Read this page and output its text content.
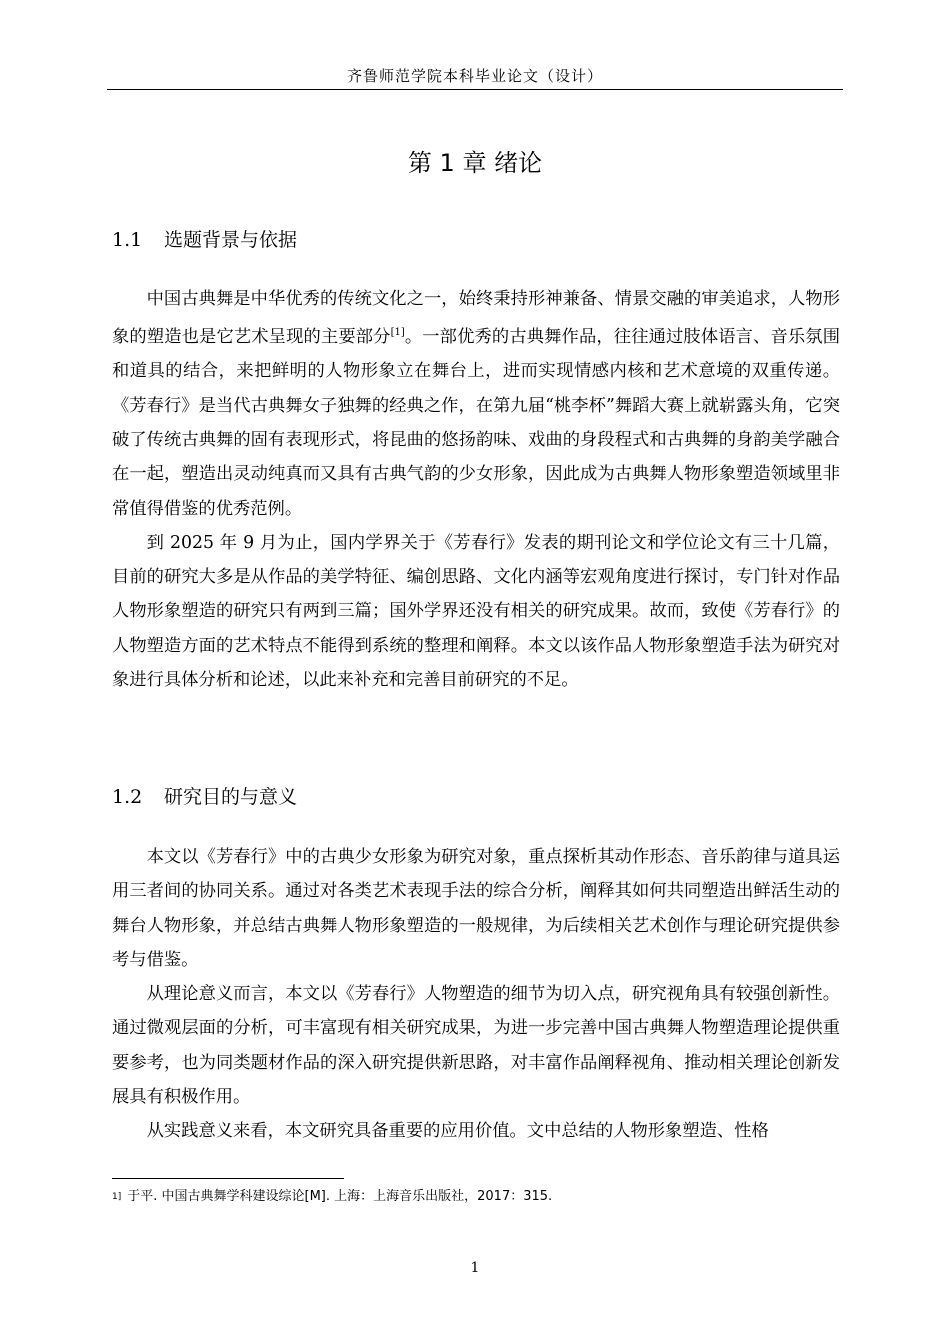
齐鲁师范学院本科毕业论文（设计）
第 1 章 绪论
1.1 选题背景与依据

中国古典舞是中华优秀的传统文化之一，始终秉持形神兼备、情景交融的审美追求，人物形象的塑造也是它艺术呈现的主要部分[1]。一部优秀的古典舞作品，往往通过肢体语言、音乐氛围和道具的结合，来把鲜明的人物形象立在舞台上，进而实现情感内核和艺术意境的双重传递。《芳春行》是当代古典舞女子独舞的经典之作，在第九届“桃李杯”舞蹈大赛上就崭露头角，它突破了传统古典舞的固有表现形式，将昆曲的悠扬韵味、戏曲的身段程式和古典舞的身韵美学融合在一起，塑造出灵动纯真而又具有古典气韵的少女形象，因此成为古典舞人物形象塑造领域里非常值得借鉴的优秀范例。

到 2025 年 9 月为止，国内学界关于《芳春行》发表的期刊论文和学位论文有三十几篇，目前的研究大多是从作品的美学特征、编创思路、文化内涵等宏观角度进行探讨，专门针对作品人物形象塑造的研究只有两到三篇；国外学界还没有相关的研究成果。故而，致使《芳春行》的人物塑造方面的艺术特点不能得到系统的整理和阐释。本文以该作品人物形象塑造手法为研究对象进行具体分析和论述，以此来补充和完善目前研究的不足。

1.2 研究目的与意义

本文以《芳春行》中的古典少女形象为研究对象，重点探析其动作形态、音乐韵律与道具运用三者间的协同关系。通过对各类艺术表现手法的综合分析，阐释其如何共同塑造出鲜活生动的舞台人物形象，并总结古典舞人物形象塑造的一般规律，为后续相关艺术创作与理论研究提供参考与借鉴。

从理论意义而言，本文以《芳春行》人物塑造的细节为切入点，研究视角具有较强创新性。通过微观层面的分析，可丰富现有相关研究成果，为进一步完善中国古典舞人物塑造理论提供重要参考，也为同类题材作品的深入研究提供新思路，对丰富作品阐释视角、推动相关理论创新发展具有积极作用。

从实践意义来看，本文研究具备重要的应用价值。文中总结的人物形象塑造、性格

$^{1]}$ 于平. 中国古典舞学科建设综论[M]. 上海：上海音乐出版社，2017：315.
1
